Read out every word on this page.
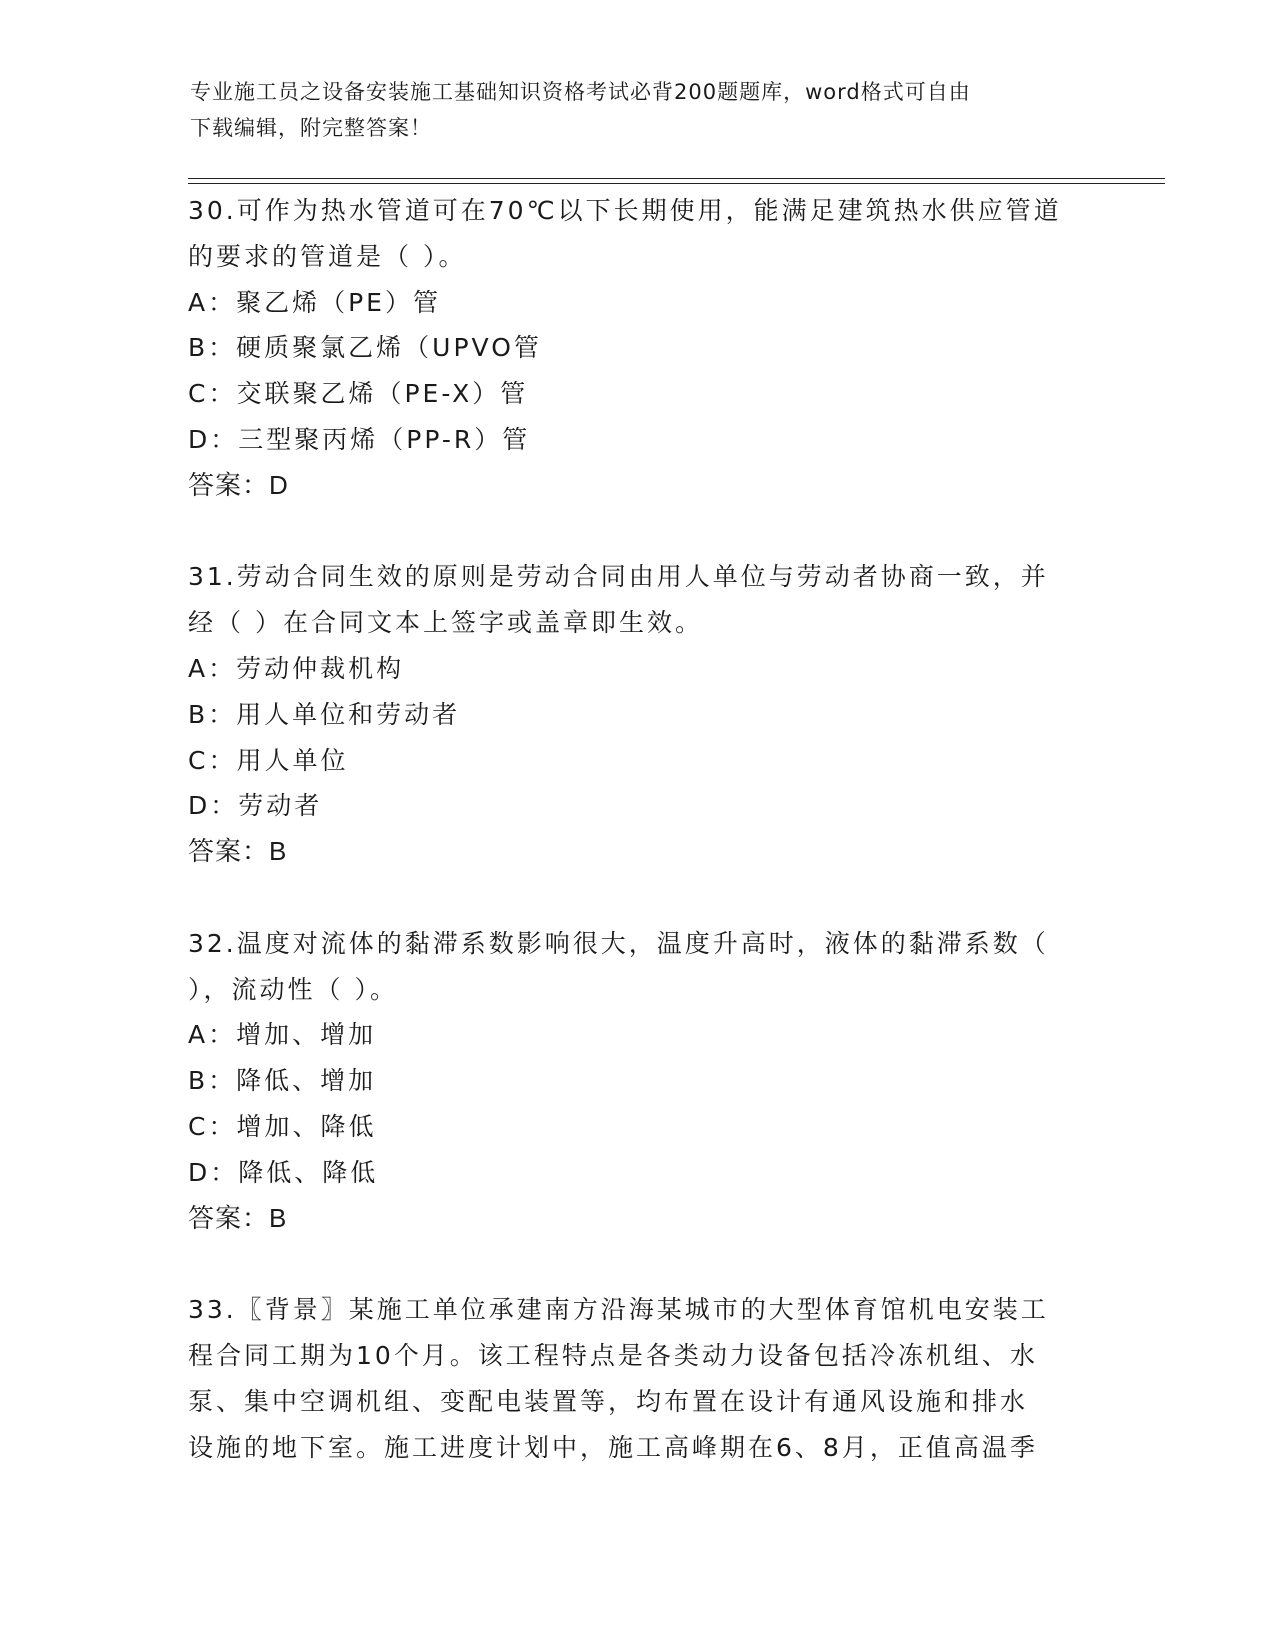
专业施工员之设备安装施工基础知识资格考试必背200题题库，word格式可自由
下载编辑，附完整答案！
30.可作为热水管道可在70℃以下长期使用，能满足建筑热水供应管道
的要求的管道是（ ）。
A：聚乙烯（PE）管
B：硬质聚氯乙烯（UPVO管
C：交联聚乙烯（PE-X）管
D：三型聚丙烯（PP-R）管
答案：D
31.劳动合同生效的原则是劳动合同由用人单位与劳动者协商一致，并
经（ ）在合同文本上签字或盖章即生效。
A：劳动仲裁机构
B：用人单位和劳动者
C：用人单位
D：劳动者
答案：B
32.温度对流体的黏滞系数影响很大，温度升高时，液体的黏滞系数（
），流动性（ ）。
A：增加、增加
B：降低、增加
C：增加、降低
D：降低、降低
答案：B
33.〖背景〗某施工单位承建南方沿海某城市的大型体育馆机电安装工
程合同工期为10个月。该工程特点是各类动力设备包括冷冻机组、水
泵、集中空调机组、变配电装置等，均布置在设计有通风设施和排水
设施的地下室。施工进度计划中，施工高峰期在6、8月，正值高温季
